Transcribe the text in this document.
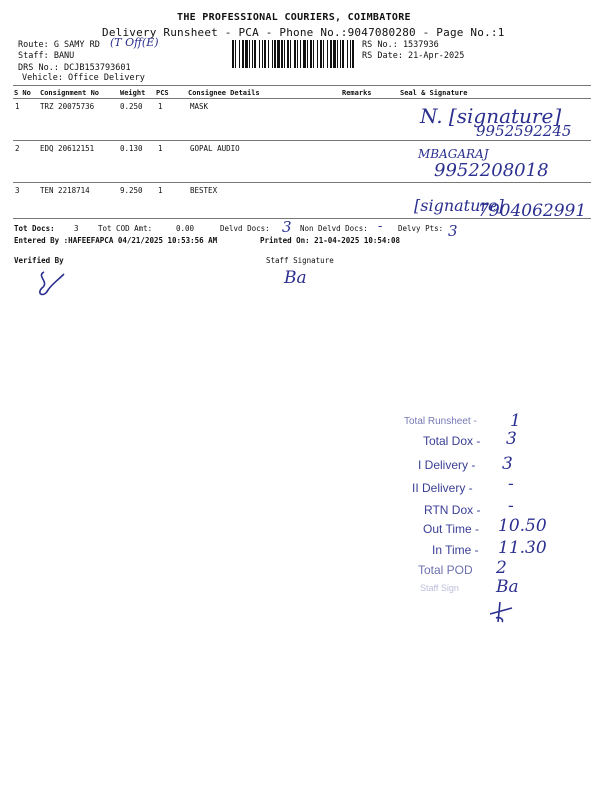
THE PROFESSIONAL COURIERS, COIMBATORE
Delivery Runsheet - PCA - Phone No.:9047080280 - Page No.:1
Route: G SAMY RD (T Off(E)
Staff: BANU
DRS No.: DCJB153793601
Vehicle: Office Delivery
RS No.: 1537936
RS Date: 21-Apr-2025
S No Consignment No	Weight PCS	Consignee Details	Remarks	Seal & Signature
1	TRZ 20075736	0.250 1	MASK	N. [signature]
9952592245
2	EDQ 20612151	0.130 1	GOPAL AUDIO	MBAGARAJ
9952208018
3	TEN 2218714	9.250 1	BESTEX
[signature]
7904062991
Tot Docs:	3	Tot COD Amt:	0.00	Delvd Docs: 3 Non Delvd Docs: - Delvy Pts: 3
Entered By :HAFEEFAPCA 04/21/2025 10:53:56 AM	Printed On: 21-04-2025 10:54:08
Verified By	Staff Signature
Ba
Total Runsheet - 1
Total Dox - 3
I Delivery - 3
II Delivery - -
RTN Dox - -
Out Time - 10.50
In Time - 11.30
Total POD 2
Staff Sign Ba
